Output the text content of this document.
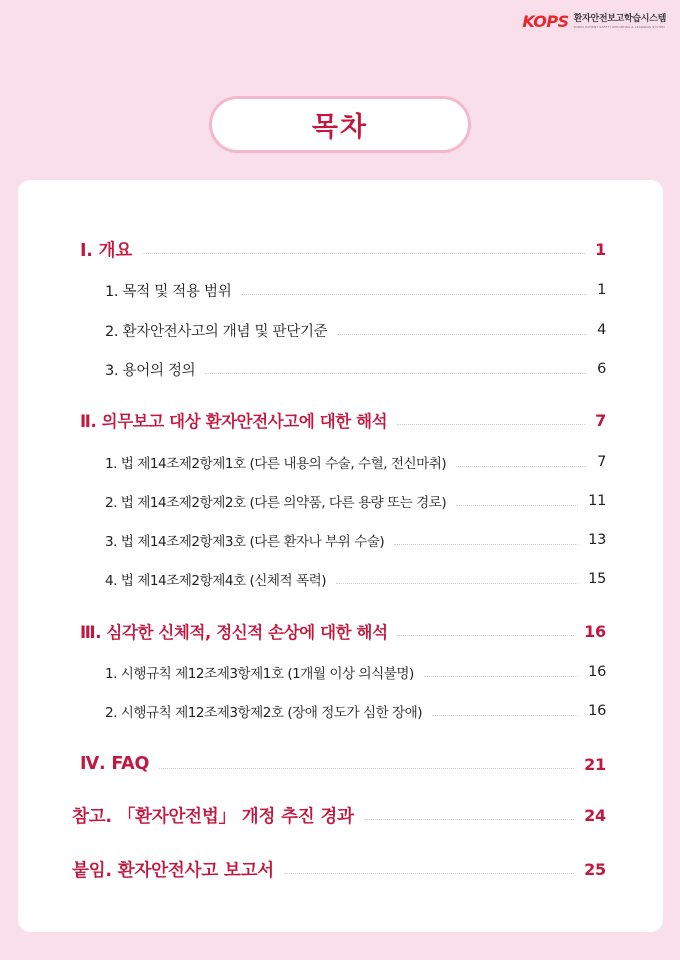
KOPS 환자안전보고학습시스템
KOREA PATIENT SAFETY REPORTING & LEARNING SYSTEM
목차
Ⅰ. 개요	1
1. 목적 및 적용 범위	1
2. 환자안전사고의 개념 및 판단기준	4
3. 용어의 정의	6
Ⅱ. 의무보고 대상 환자안전사고에 대한 해석	7
1. 법 제14조제2항제1호 (다른 내용의 수술, 수혈, 전신마취)	7
2. 법 제14조제2항제2호 (다른 의약품, 다른 용량 또는 경로)	11
3. 법 제14조제2항제3호 (다른 환자나 부위 수술)	13
4. 법 제14조제2항제4호 (신체적 폭력)	15
Ⅲ. 심각한 신체적, 정신적 손상에 대한 해석	16
1. 시행규칙 제12조제3항제1호 (1개월 이상 의식불명)	16
2. 시행규칙 제12조제3항제2호 (장애 정도가 심한 장애)	16
Ⅳ. FAQ	21
참고. 「환자안전법」 개정 추진 경과	24
붙임. 환자안전사고 보고서	25
